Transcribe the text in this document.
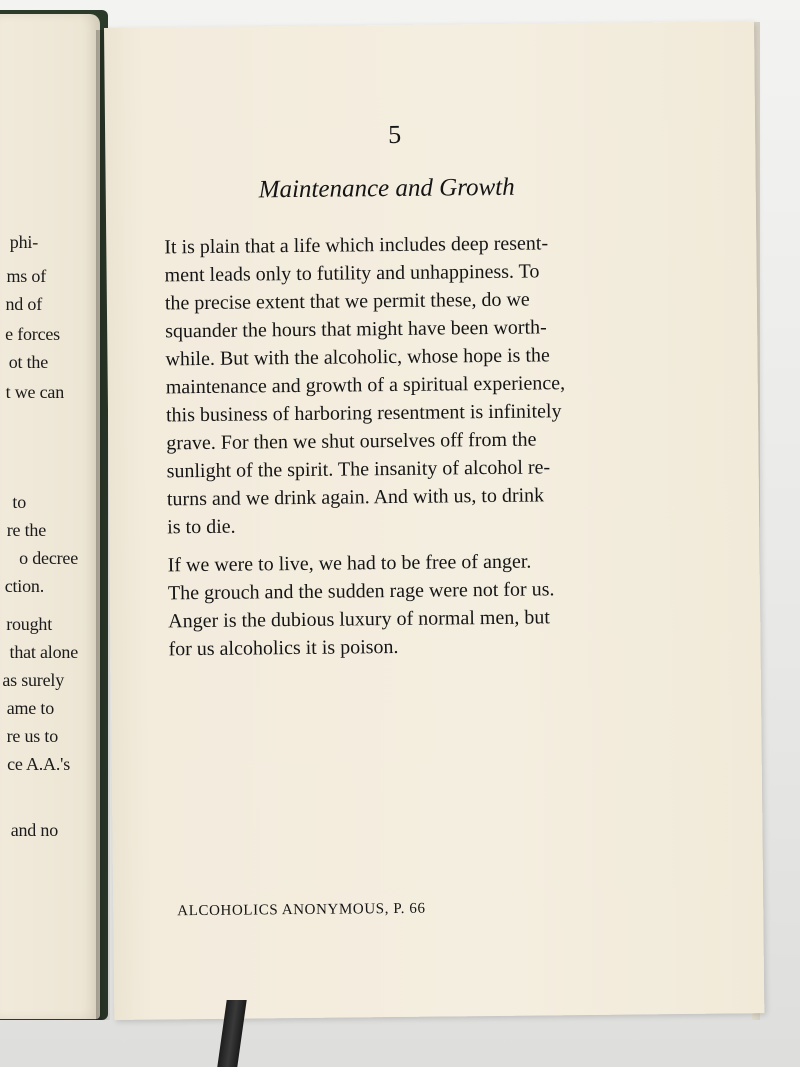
phi-
ms of
nd of
e forces
ot the
t we can
to
re the
o decree
ction.
rought
that alone
as surely
ame to
re us to
ce A.A.'s
and no
5
Maintenance and Growth
It is plain that a life which includes deep resent-
ment leads only to futility and unhappiness. To
the precise extent that we permit these, do we
squander the hours that might have been worth-
while. But with the alcoholic, whose hope is the
maintenance and growth of a spiritual experience,
this business of harboring resentment is infinitely
grave. For then we shut ourselves off from the
sunlight of the spirit. The insanity of alcohol re-
turns and we drink again. And with us, to drink
is to die.
If we were to live, we had to be free of anger.
The grouch and the sudden rage were not for us.
Anger is the dubious luxury of normal men, but
for us alcoholics it is poison.
ALCOHOLICS ANONYMOUS, P. 66
